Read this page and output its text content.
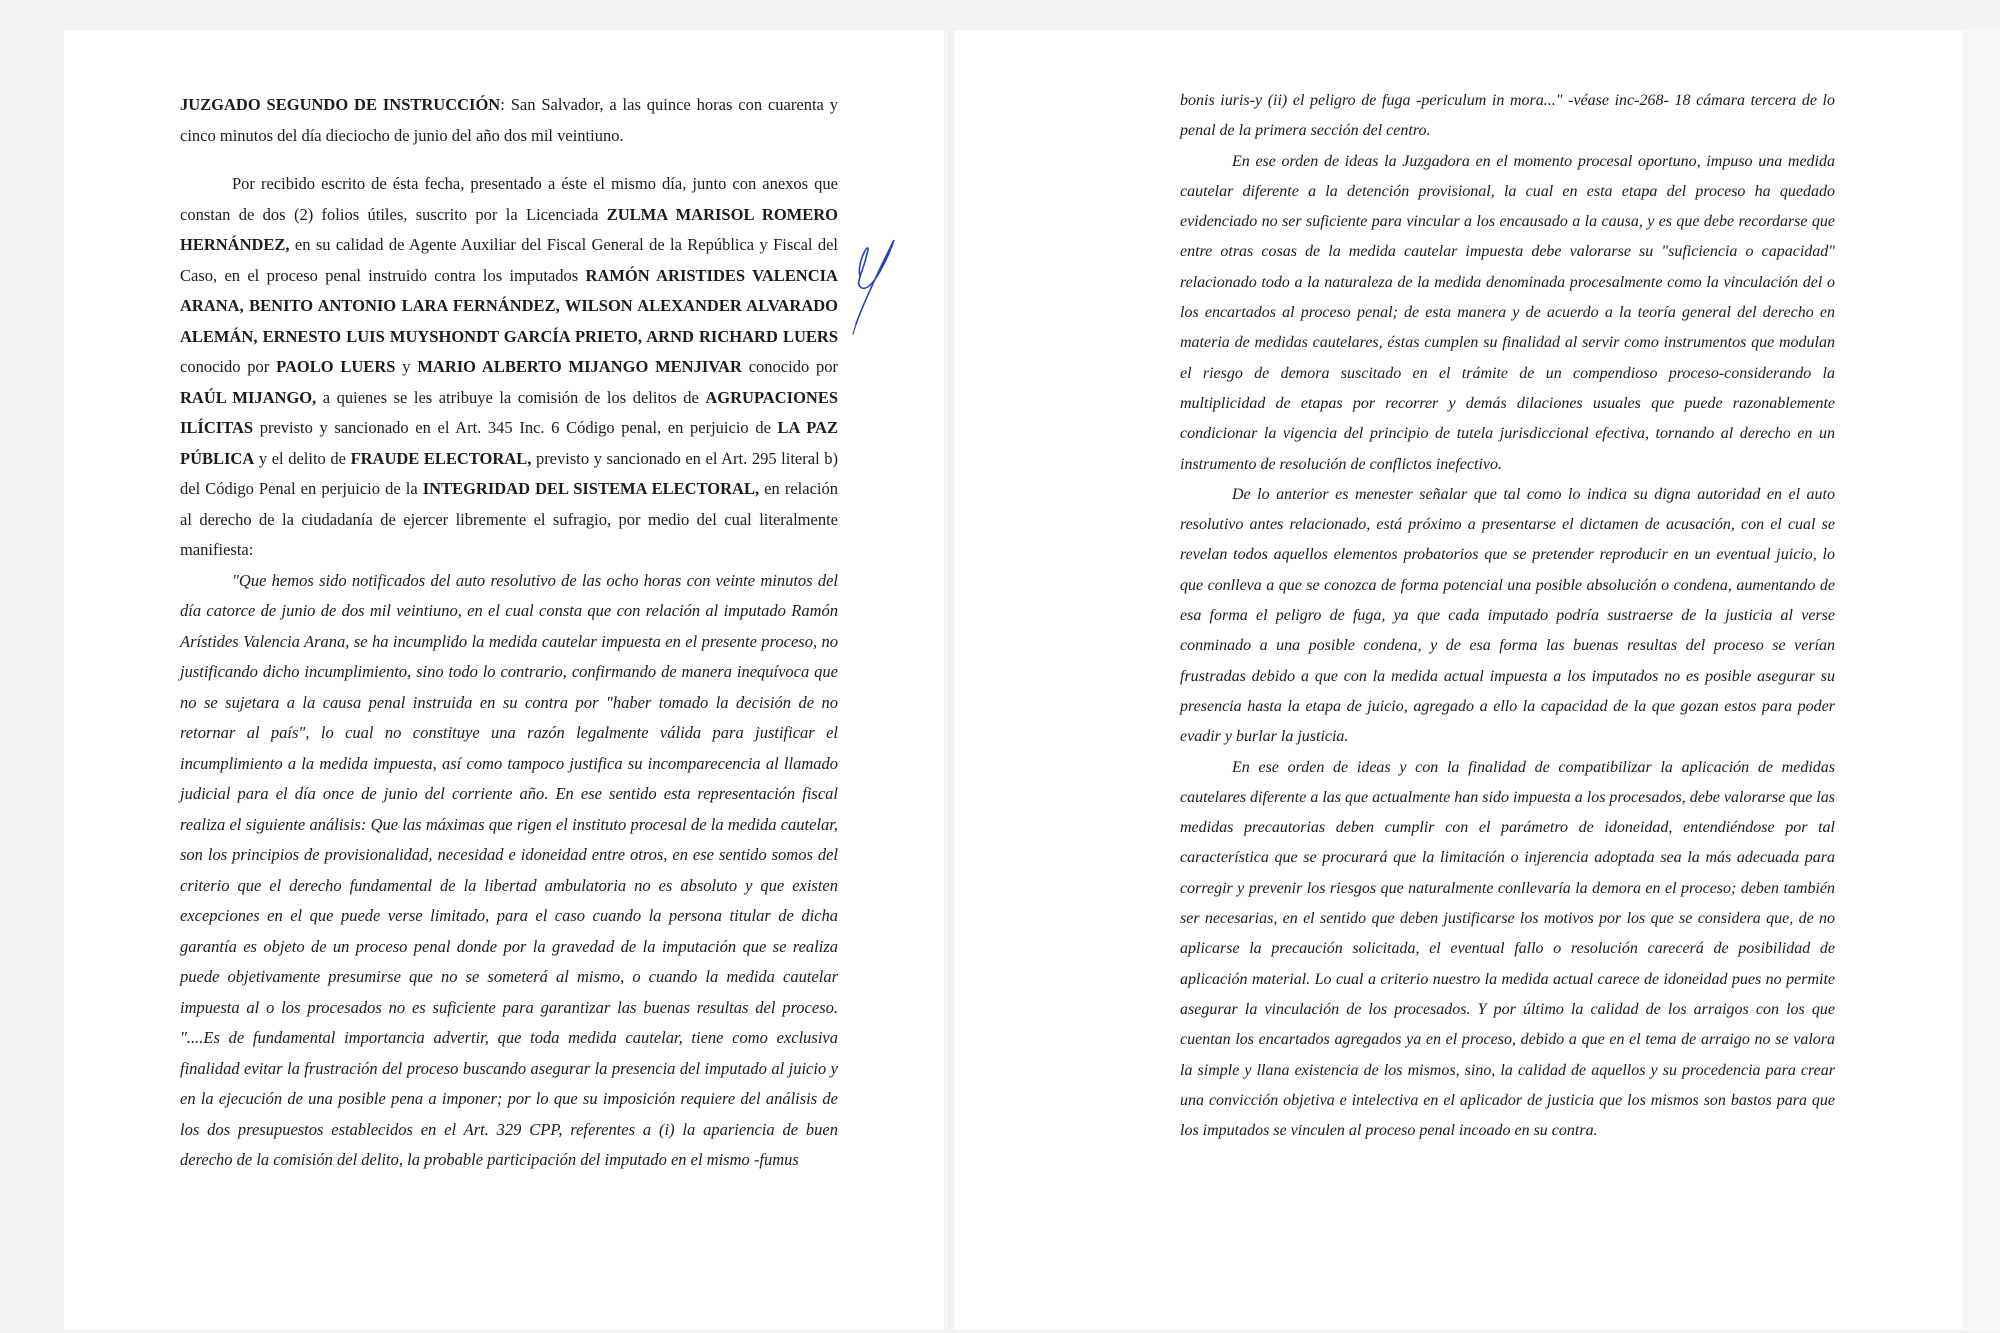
JUZGADO SEGUNDO DE INSTRUCCIÓN: San Salvador, a las quince horas con cuarenta y cinco minutos del día dieciocho de junio del año dos mil veintiuno.

Por recibido escrito de ésta fecha, presentado a éste el mismo día, junto con anexos que constan de dos (2) folios útiles, suscrito por la Licenciada ZULMA MARISOL ROMERO HERNÁNDEZ, en su calidad de Agente Auxiliar del Fiscal General de la República y Fiscal del Caso, en el proceso penal instruido contra los imputados RAMÓN ARISTIDES VALENCIA ARANA, BENITO ANTONIO LARA FERNÁNDEZ, WILSON ALEXANDER ALVARADO ALEMÁN, ERNESTO LUIS MUYSHONDT GARCÍA PRIETO, ARND RICHARD LUERS conocido por PAOLO LUERS y MARIO ALBERTO MIJANGO MENJIVAR conocido por RAÚL MIJANGO, a quienes se les atribuye la comisión de los delitos de AGRUPACIONES ILÍCITAS previsto y sancionado en el Art. 345 Inc. 6 Código penal, en perjuicio de LA PAZ PÚBLICA y el delito de FRAUDE ELECTORAL, previsto y sancionado en el Art. 295 literal b) del Código Penal en perjuicio de la INTEGRIDAD DEL SISTEMA ELECTORAL, en relación al derecho de la ciudadanía de ejercer libremente el sufragio, por medio del cual literalmente manifiesta:

"Que hemos sido notificados del auto resolutivo de las ocho horas con veinte minutos del día catorce de junio de dos mil veintiuno, en el cual consta que con relación al imputado Ramón Arístides Valencia Arana, se ha incumplido la medida cautelar impuesta en el presente proceso, no justificando dicho incumplimiento, sino todo lo contrario, confirmando de manera inequívoca que no se sujetara a la causa penal instruida en su contra por "haber tomado la decisión de no retornar al país", lo cual no constituye una razón legalmente válida para justificar el incumplimiento a la medida impuesta, así como tampoco justifica su incomparecencia al llamado judicial para el día once de junio del corriente año. En ese sentido esta representación fiscal realiza el siguiente análisis: Que las máximas que rigen el instituto procesal de la medida cautelar, son los principios de provisionalidad, necesidad e idoneidad entre otros, en ese sentido somos del criterio que el derecho fundamental de la libertad ambulatoria no es absoluto y que existen excepciones en el que puede verse limitado, para el caso cuando la persona titular de dicha garantía es objeto de un proceso penal donde por la gravedad de la imputación que se realiza puede objetivamente presumirse que no se someterá al mismo, o cuando la medida cautelar impuesta al o los procesados no es suficiente para garantizar las buenas resultas del proceso. "....Es de fundamental importancia advertir, que toda medida cautelar, tiene como exclusiva finalidad evitar la frustración del proceso buscando asegurar la presencia del imputado al juicio y en la ejecución de una posible pena a imponer; por lo que su imposición requiere del análisis de los dos presupuestos establecidos en el Art. 329 CPP, referentes a (i) la apariencia de buen derecho de la comisión del delito, la probable participación del imputado en el mismo -fumus

bonis iuris-y (ii) el peligro de fuga -periculum in mora..." -véase inc-268- 18 cámara tercera de lo penal de la primera sección del centro.

En ese orden de ideas la Juzgadora en el momento procesal oportuno, impuso una medida cautelar diferente a la detención provisional, la cual en esta etapa del proceso ha quedado evidenciado no ser suficiente para vincular a los encausado a la causa, y es que debe recordarse que entre otras cosas de la medida cautelar impuesta debe valorarse su "suficiencia o capacidad" relacionado todo a la naturaleza de la medida denominada procesalmente como la vinculación del o los encartados al proceso penal; de esta manera y de acuerdo a la teoría general del derecho en materia de medidas cautelares, éstas cumplen su finalidad al servir como instrumentos que modulan el riesgo de demora suscitado en el trámite de un compendioso proceso-considerando la multiplicidad de etapas por recorrer y demás dilaciones usuales que puede razonablemente condicionar la vigencia del principio de tutela jurisdiccional efectiva, tornando al derecho en un instrumento de resolución de conflictos inefectivo.

De lo anterior es menester señalar que tal como lo indica su digna autoridad en el auto resolutivo antes relacionado, está próximo a presentarse el dictamen de acusación, con el cual se revelan todos aquellos elementos probatorios que se pretender reproducir en un eventual juicio, lo que conlleva a que se conozca de forma potencial una posible absolución o condena, aumentando de esa forma el peligro de fuga, ya que cada imputado podría sustraerse de la justicia al verse conminado a una posible condena, y de esa forma las buenas resultas del proceso se verían frustradas debido a que con la medida actual impuesta a los imputados no es posible asegurar su presencia hasta la etapa de juicio, agregado a ello la capacidad de la que gozan estos para poder evadir y burlar la justicia.

En ese orden de ideas y con la finalidad de compatibilizar la aplicación de medidas cautelares diferente a las que actualmente han sido impuesta a los procesados, debe valorarse que las medidas precautorias deben cumplir con el parámetro de idoneidad, entendiéndose por tal característica que se procurará que la limitación o injerencia adoptada sea la más adecuada para corregir y prevenir los riesgos que naturalmente conllevaría la demora en el proceso; deben también ser necesarias, en el sentido que deben justificarse los motivos por los que se considera que, de no aplicarse la precaución solicitada, el eventual fallo o resolución carecerá de posibilidad de aplicación material. Lo cual a criterio nuestro la medida actual carece de idoneidad pues no permite asegurar la vinculación de los procesados. Y por último la calidad de los arraigos con los que cuentan los encartados agregados ya en el proceso, debido a que en el tema de arraigo no se valora la simple y llana existencia de los mismos, sino, la calidad de aquellos y su procedencia para crear una convicción objetiva e intelectiva en el aplicador de justicia que los mismos son bastos para que los imputados se vinculen al proceso penal incoado en su contra.
